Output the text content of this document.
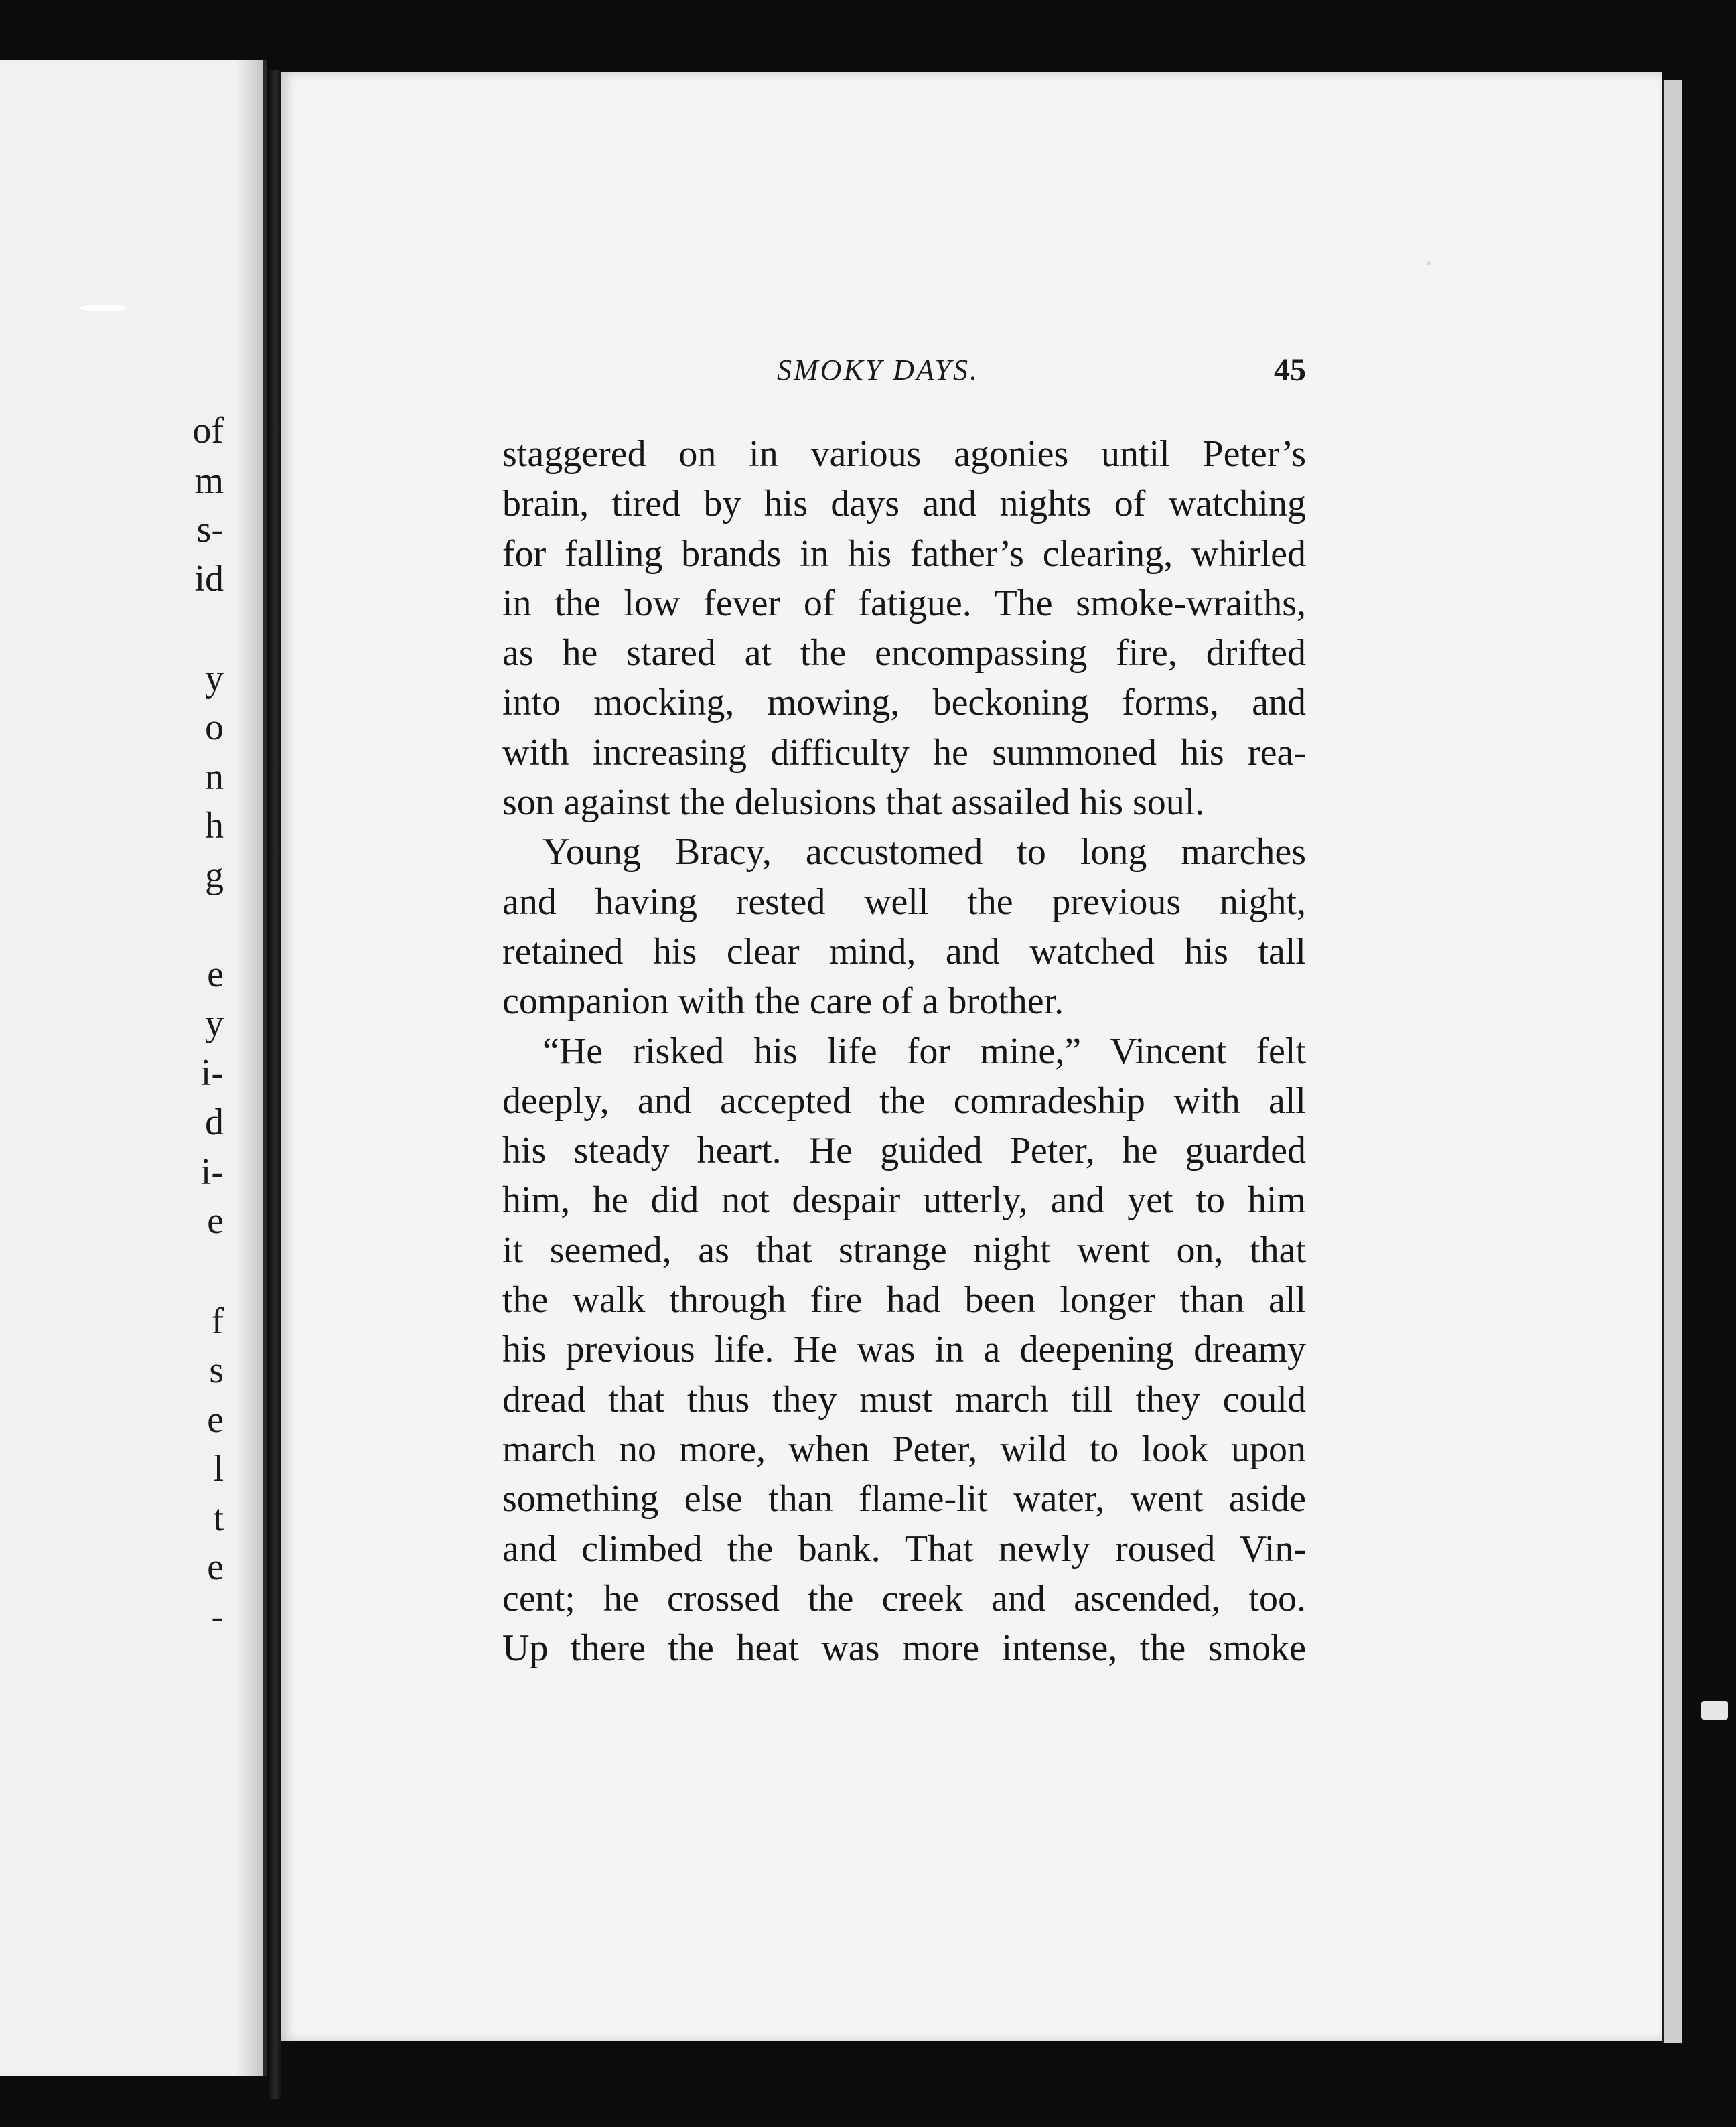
of
m
s-
id
y
o
n
h
g
e
y
i-
d
i-
e
f
s
e
l
t
e
-
SMOKY DAYS.	45
staggered on in various agonies until Peter’s
brain, tired by his days and nights of watching
for falling brands in his father’s clearing, whirled
in the low fever of fatigue. The smoke-wraiths,
as he stared at the encompassing fire, drifted
into mocking, mowing, beckoning forms, and
with increasing difficulty he summoned his rea-
son against the delusions that assailed his soul.
Young Bracy, accustomed to long marches
and having rested well the previous night,
retained his clear mind, and watched his tall
companion with the care of a brother.
“He risked his life for mine,” Vincent felt
deeply, and accepted the comradeship with all
his steady heart. He guided Peter, he guarded
him, he did not despair utterly, and yet to him
it seemed, as that strange night went on, that
the walk through fire had been longer than all
his previous life. He was in a deepening dreamy
dread that thus they must march till they could
march no more, when Peter, wild to look upon
something else than flame-lit water, went aside
and climbed the bank. That newly roused Vin-
cent; he crossed the creek and ascended, too.
Up there the heat was more intense, the smoke
